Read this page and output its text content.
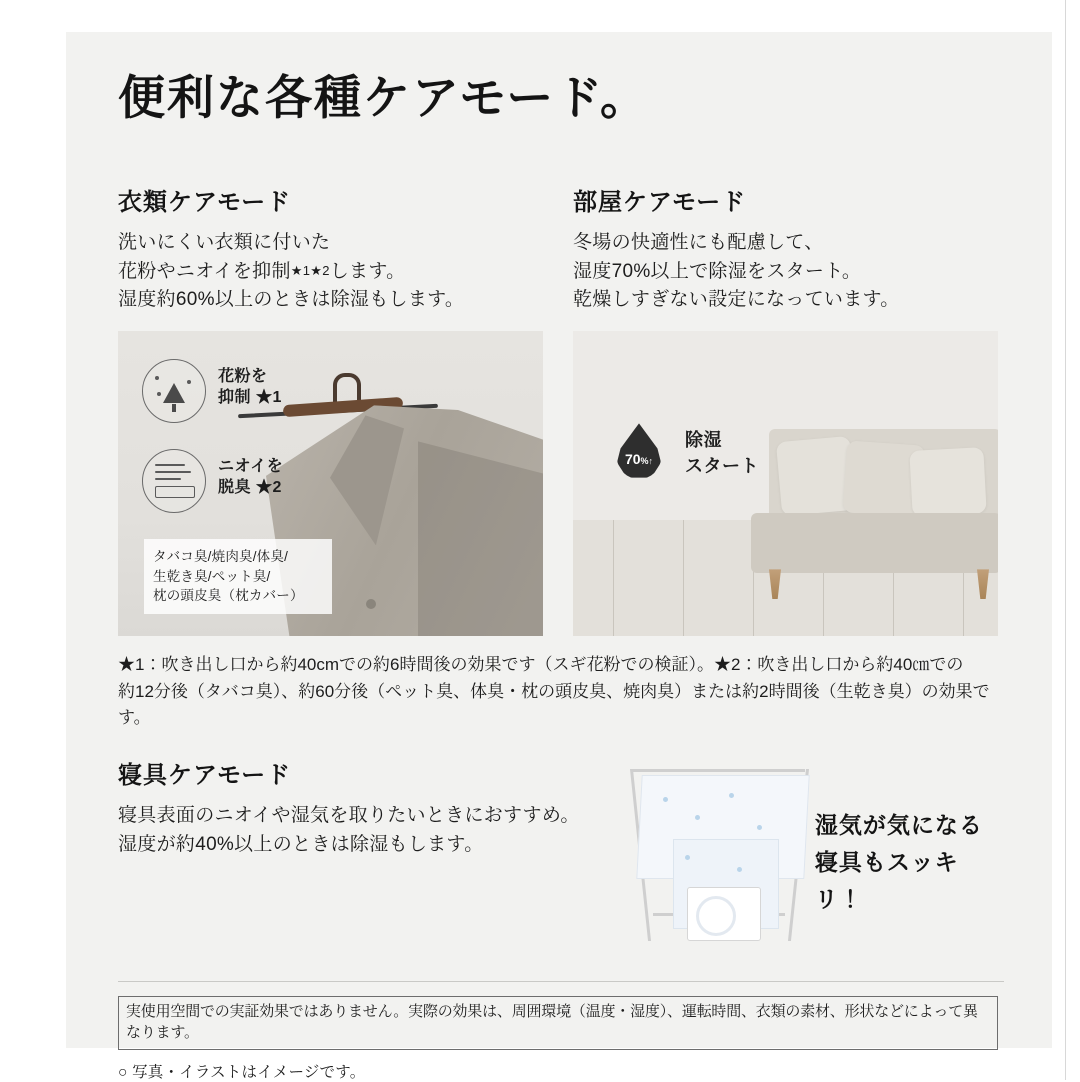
便利な各種ケアモード。
衣類ケアモード
洗いにくい衣類に付いた
花粉やニオイを抑制★1★2します。
湿度約60%以上のときは除湿もします。
花粉を
抑制 ★1
ニオイを
脱臭 ★2
タバコ臭/焼肉臭/体臭/
生乾き臭/ペット臭/
枕の頭皮臭（枕カバー）
部屋ケアモード
冬場の快適性にも配慮して、
湿度70%以上で除湿をスタート。
乾燥しすぎない設定になっています。
70%↑
除湿
スタート
★1：吹き出し口から約40cmでの約6時間後の効果です（スギ花粉での検証）。★2：吹き出し口から約40㎝での
約12分後（タバコ臭）、約60分後（ペット臭、体臭・枕の頭皮臭、焼肉臭）または約2時間後（生乾き臭）の効果です。
寝具ケアモード
寝具表面のニオイや湿気を取りたいときにおすすめ。
湿度が約40%以上のときは除湿もします。
湿気が気になる
寝具もスッキリ！
実使用空間での実証効果ではありません。実際の効果は、周囲環境（温度・湿度）、運転時間、衣類の素材、形状などによって異なります。
○ 写真・イラストはイメージです。
